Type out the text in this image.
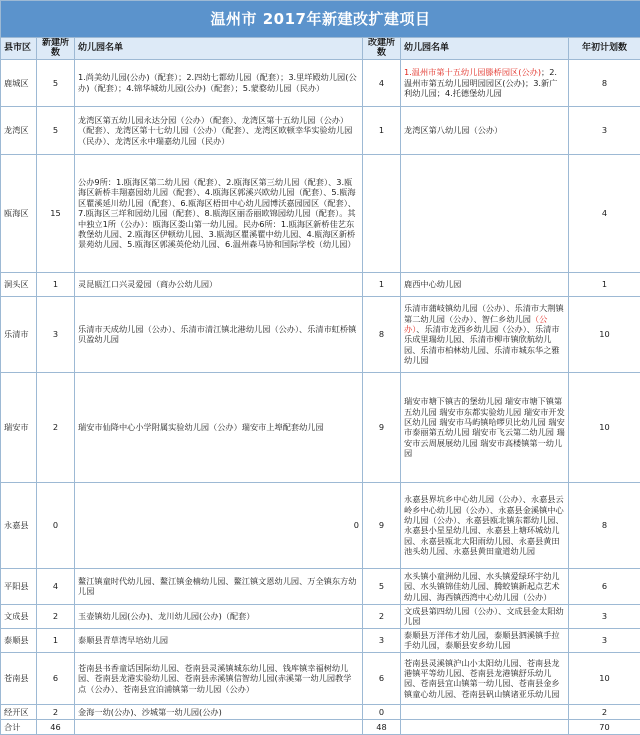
温州市 2017年新建改扩建项目					
县市区	新建所数	幼儿园名单	改建所数	幼儿园名单	年初计划数
鹿城区	5	1.尚美幼儿园(公办)（配套）；2.四幼七都幼儿园（配套）；3.里垟殿幼儿园(公办)（配套）；4.锦华城幼儿园(公办)（配套）；5.蒙婺幼儿园（民办）	4	1.温州市第十五幼儿园滕桥园区(公办)；2.温州市第五幼儿园明园园区(公办)；3.新广利幼儿园；4.托德堡幼儿园	8
龙湾区	5	龙湾区第五幼儿园永达分园（公办）（配套）、龙湾区第十五幼儿园（公办）（配套）、龙湾区第十七幼儿园（公办）（配套）、龙湾区欧顿幸华实验幼儿园（民办）、龙湾区永中瑞嘉幼儿园（民办）	1	龙湾区第八幼儿园（公办）	3
瓯海区	15	公办9所：1.瓯海区第二幼儿园（配套）、2.瓯海区第三幼儿园（配套）、3.瓯海区新桥丰翔嘉园幼儿园（配套）、4.瓯海区郭溪兴欧幼儿园（配套）、5.瓯海区瞿溪延川幼儿园（配套）、6.瓯海区梧田中心幼儿园博沃嘉园园区（配套）、7.瓯海区三垟和园幼儿园（配套）、8.瓯海区丽岙丽欧锦园幼儿园（配套）。其中独立1所（公办）：瓯海区娄山第一幼儿园。民办6所：1.瓯海区新桥佳艺东教堡幼儿园、2.瓯海区伊顿幼儿园、3.瓯海区瞿溪瞿中幼儿园、4.瓯海区新桥景苑幼儿园、5.瓯海区郭溪英伦幼儿园、6.温州森马协和国际学校（幼儿园）			4
洞头区	1	灵昆瓯江口兴灵爱园（商办公幼儿园）	1	鹿西中心幼儿园	1
乐清市	3	乐清市天成幼儿园（公办）、乐清市清江镇北港幼儿园（公办）、乐清市虹桥镇贝盈幼儿园	8	乐清市蒲岐镇幼儿园（公办）、乐清市大荆镇第二幼儿园（公办）、智仁乡幼儿园（公办）、乐清市龙西乡幼儿园（公办）、乐清市乐成里瑞幼儿园、乐清市柳市镇欣航幼儿园、乐清市柏林幼儿园、乐清市城东华之雅幼儿园	10
瑞安市	2	瑞安市仙降中心小学附属实验幼儿园（公办）瑞安市上埠配套幼儿园	9	瑞安市塘下镇吉的堡幼儿园 瑞安市塘下镇第五幼儿园 瑞安市东都实验幼儿园 瑞安市开发区幼儿园 瑞安市马屿镇哈啰贝比幼儿园 瑞安市泰丽第五幼儿园 瑞安市飞云第二幼儿园 瑞安市云周展展幼儿园 瑞安市高楼镇第一幼儿园	10
永嘉县	0	0	9	永嘉县界坑乡中心幼儿园（公办）、永嘉县云岭乡中心幼儿园（公办）、永嘉县金溪镇中心幼儿园（公办）、永嘉县瓯北镇东都幼儿园、永嘉县小星星幼儿园、永嘉县上塘环城幼儿园、永嘉县瓯北大阳雨幼儿园、永嘉县黄田池头幼儿园、永嘉县黄田童道幼儿园	8
平阳县	4	鳌江镇童时代幼儿园、鳌江镇金楠幼儿园、鳌江镇文恩幼儿园、万全镇东方幼儿园	5	水头镇小童洲幼儿园、水头镇爱绿环宇幼儿园、水头镇锦佳幼儿园、腾蛟镇新起点艺术幼儿园、海西镇西湾中心幼儿园（公办）	6
文成县	2	玉壶镇幼儿园(公办)、龙川幼儿园(公办)（配套）	2	文成县第四幼儿园（公办）、文成县金太阳幼儿园	3
泰顺县	1	泰顺县青草湾早培幼儿园	3	泰顺县万洋伟才幼儿园，泰顺县泗溪镇手拉手幼儿园，泰顺县安乡幼儿园	3
苍南县	6	苍南县书香童话国际幼儿园、苍南县灵溪镇城东幼儿园、钱库镇幸福树幼儿园、苍南县龙港实验幼儿园、苍南县赤溪镇信智幼儿园(赤溪第一幼儿园教学点（公办）、苍南县宜泊浦镇第一幼儿园（公办）	6	苍南县灵溪镇沪山小太阳幼儿园、苍南县龙港镇平等幼儿园、苍南县龙港镇舒乐幼儿园、苍南县宜山镇第一幼儿园、苍南县金乡镇童心幼儿园、苍南县矾山镇诸亚乐幼儿园	10
经开区	2	金海一幼(公办)、沙城第一幼儿园(公办)	0		2
合计	46		48		70
